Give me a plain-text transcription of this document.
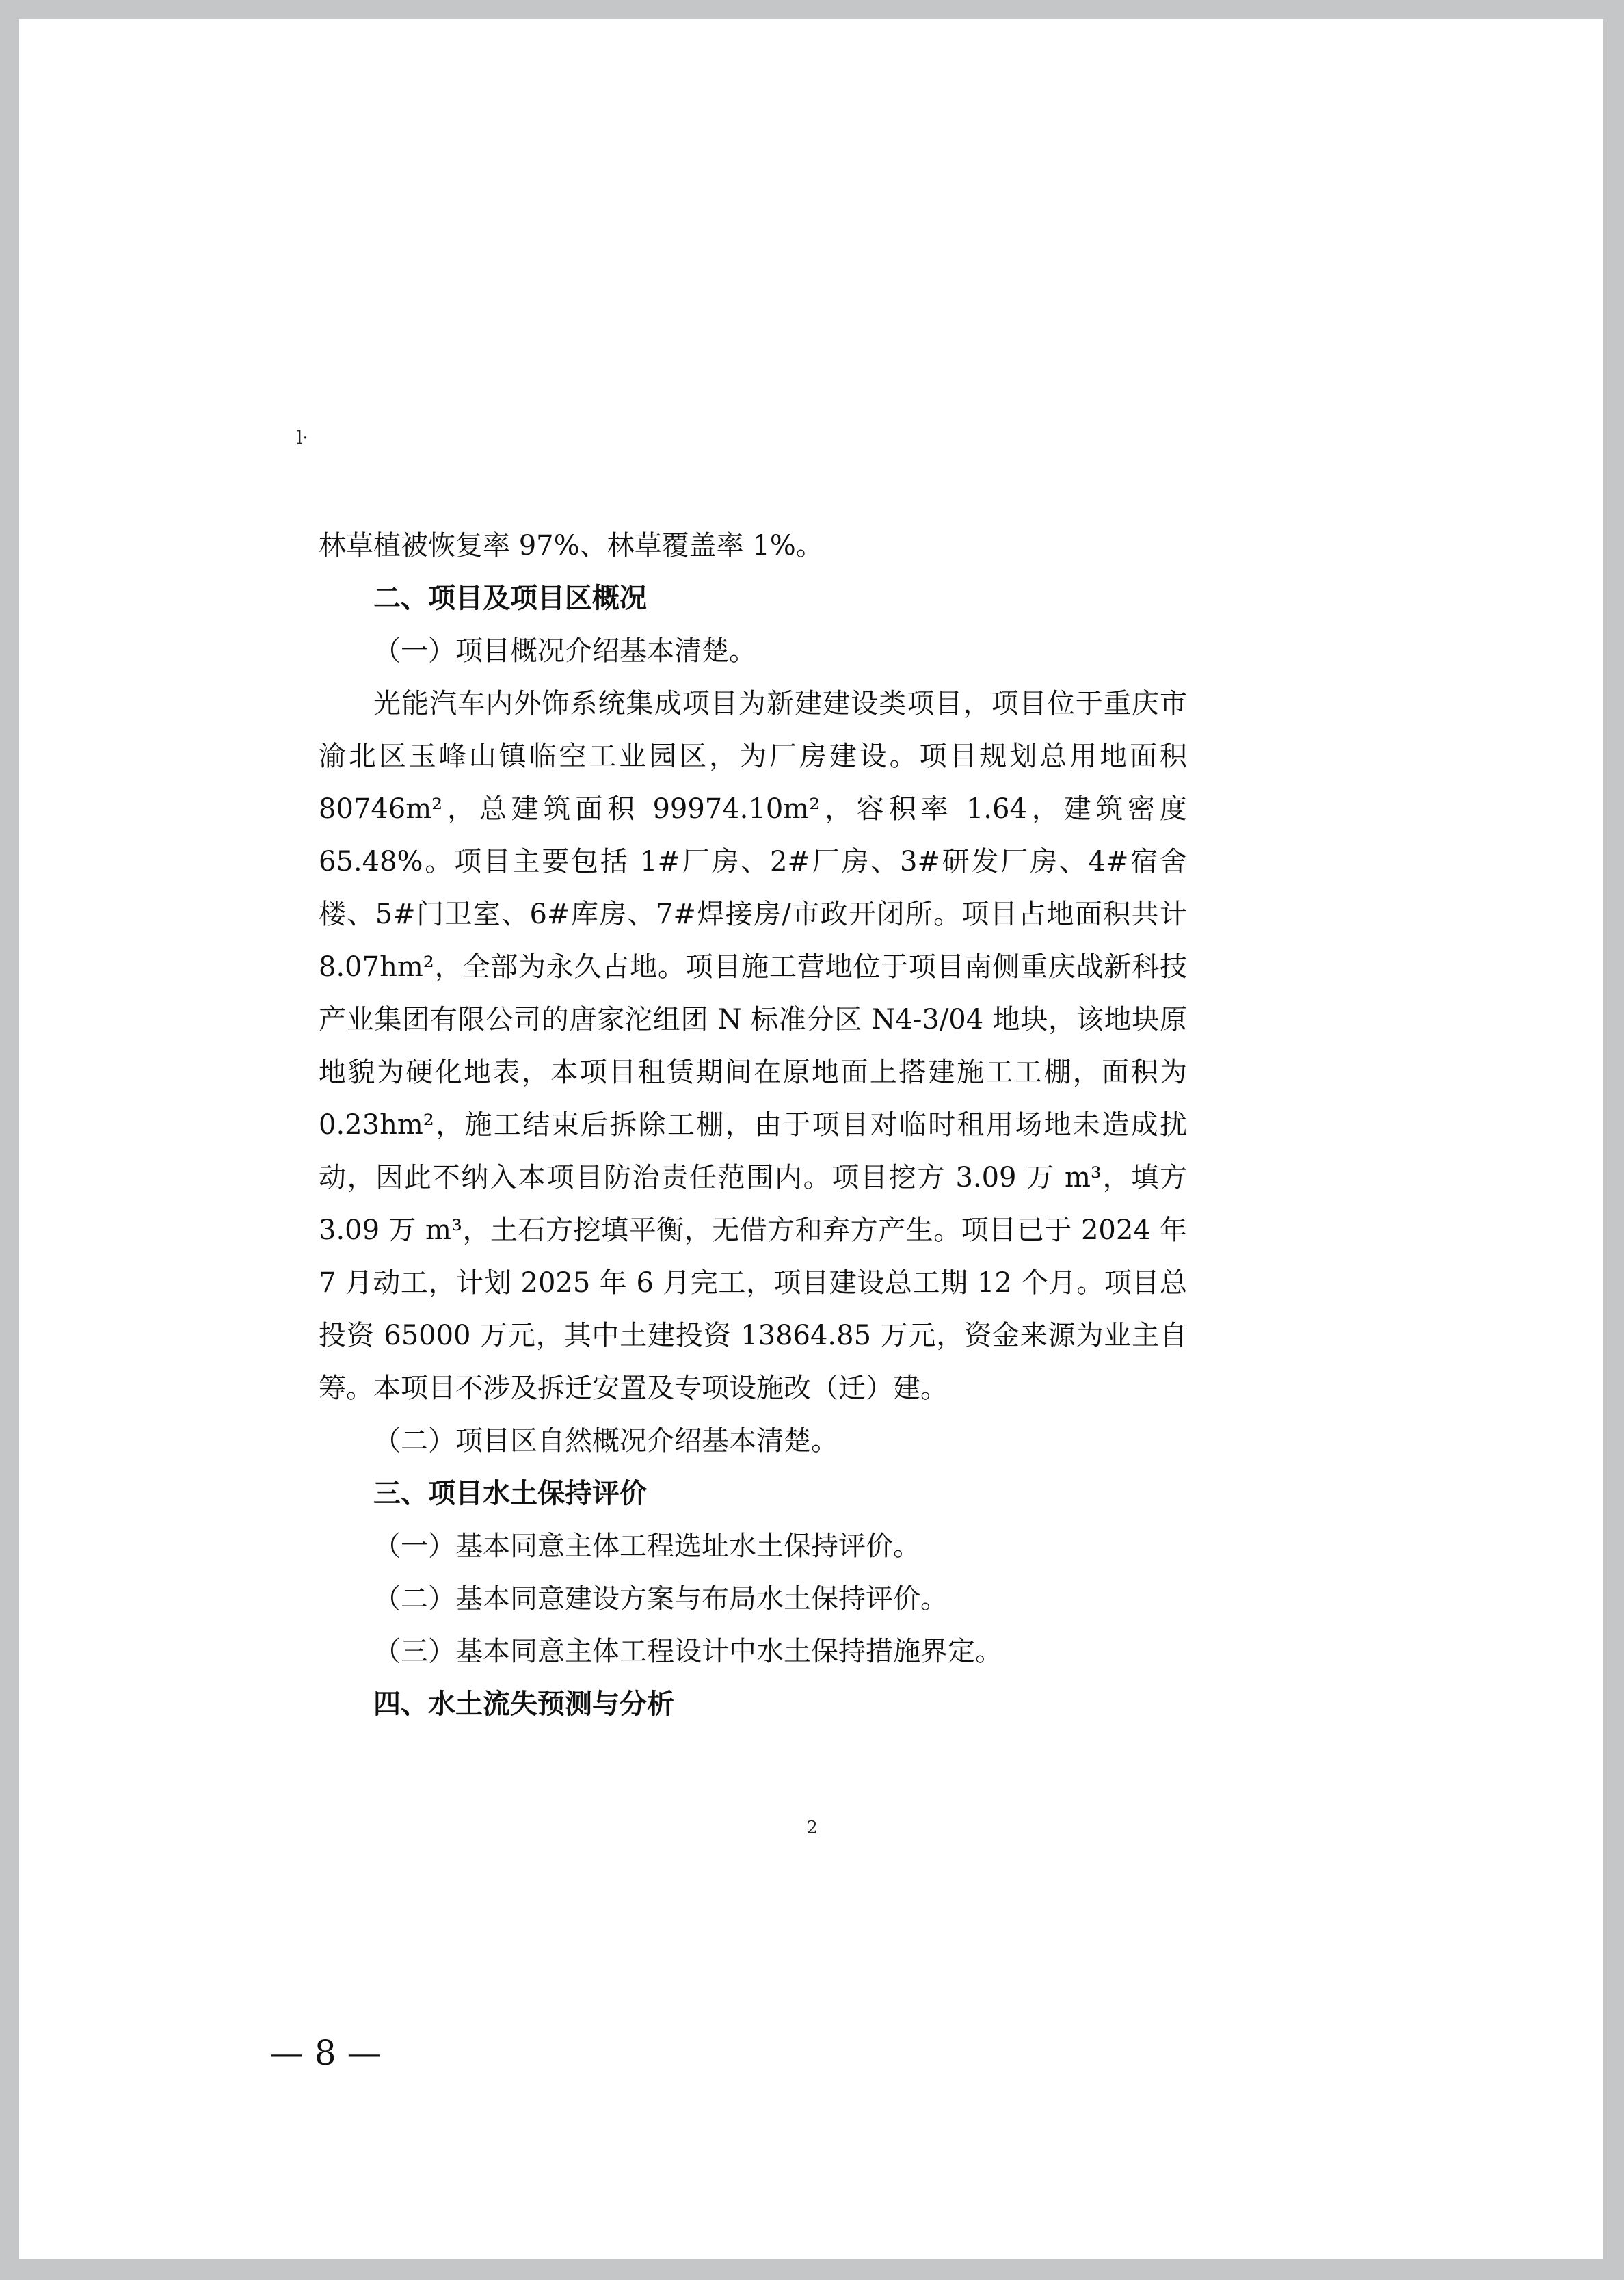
l·

林草植被恢复率 97%、林草覆盖率 1%。

二、项目及项目区概况

（一）项目概况介绍基本清楚。

光能汽车内外饰系统集成项目为新建建设类项目，项目位于重庆市渝北区玉峰山镇临空工业园区，为厂房建设。项目规划总用地面积 80746m²，总建筑面积 99974.10m²，容积率 1.64，建筑密度 65.48%。项目主要包括 1#厂房、2#厂房、3#研发厂房、4#宿舍楼、5#门卫室、6#库房、7#焊接房/市政开闭所。项目占地面积共计 8.07hm²，全部为永久占地。项目施工营地位于项目南侧重庆战新科技产业集团有限公司的唐家沱组团 N 标准分区 N4-3/04 地块，该地块原地貌为硬化地表，本项目租赁期间在原地面上搭建施工工棚，面积为 0.23hm²，施工结束后拆除工棚，由于项目对临时租用场地未造成扰动，因此不纳入本项目防治责任范围内。项目挖方 3.09 万 m³，填方 3.09 万 m³，土石方挖填平衡，无借方和弃方产生。项目已于 2024 年 7 月动工，计划 2025 年 6 月完工，项目建设总工期 12 个月。项目总投资 65000 万元，其中土建投资 13864.85 万元，资金来源为业主自筹。本项目不涉及拆迁安置及专项设施改（迁）建。

（二）项目区自然概况介绍基本清楚。

三、项目水土保持评价

（一）基本同意主体工程选址水土保持评价。

（二）基本同意建设方案与布局水土保持评价。

（三）基本同意主体工程设计中水土保持措施界定。

四、水土流失预测与分析

2
— 8 —
